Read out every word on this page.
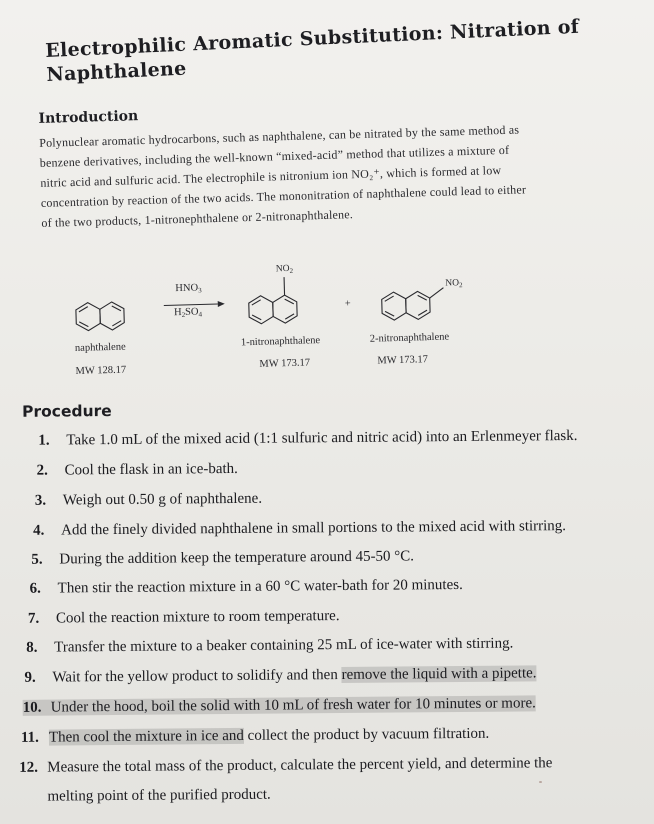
Electrophilic Aromatic Substitution: Nitration of
Naphthalene
Introduction
Polynuclear aromatic hydrocarbons, such as naphthalene, can be nitrated by the same method as
benzene derivatives, including the well-known “mixed-acid” method that utilizes a mixture of
nitric acid and sulfuric acid. The electrophile is nitronium ion NO₂⁺, which is formed at low
concentration by reaction of the two acids. The mononitration of naphthalene could lead to either
of the two products, 1-nitronephthalene or 2-nitronaphthalene.
$HNO_3$
$H_2SO_4$
$NO_2$
+
$NO_2$
naphthalene
MW 128.17
1-nitronaphthalene
MW 173.17
2-nitronaphthalene
MW 173.17
Procedure
1. Take 1.0 mL of the mixed acid (1:1 sulfuric and nitric acid) into an Erlenmeyer flask.
2. Cool the flask in an ice-bath.
3. Weigh out 0.50 g of naphthalene.
4. Add the finely divided naphthalene in small portions to the mixed acid with stirring.
5. During the addition keep the temperature around 45-50 °C.
6. Then stir the reaction mixture in a 60 °C water-bath for 20 minutes.
7. Cool the reaction mixture to room temperature.
8. Transfer the mixture to a beaker containing 25 mL of ice-water with stirring.
9. Wait for the yellow product to solidify and then remove the liquid with a pipette.
10. Under the hood, boil the solid with 10 mL of fresh water for 10 minutes or more.
11. Then cool the mixture in ice and collect the product by vacuum filtration.
12. Measure the total mass of the product, calculate the percent yield, and determine the
melting point of the purified product.
